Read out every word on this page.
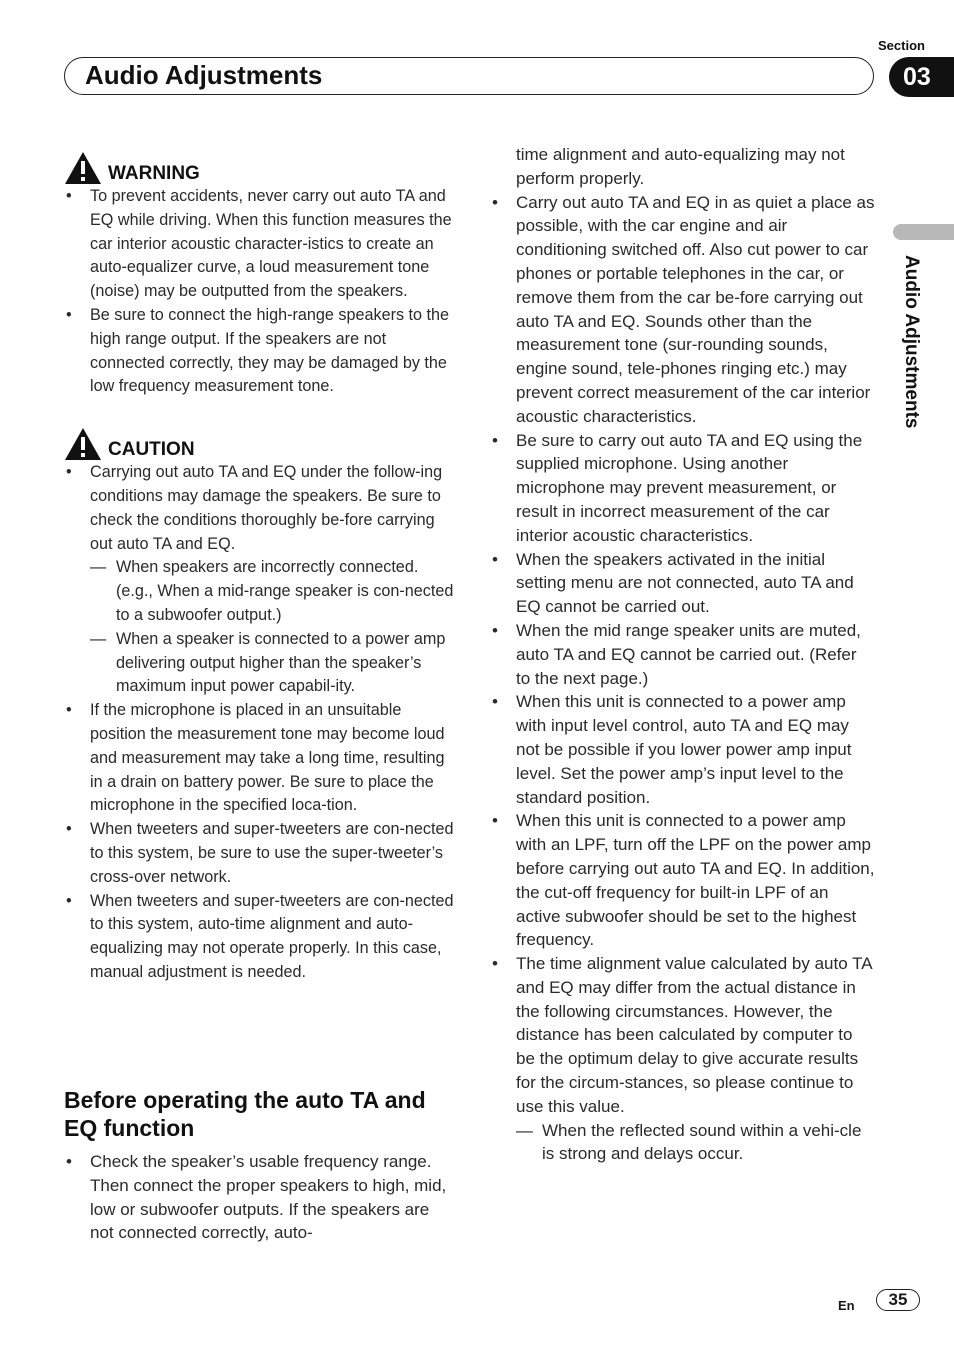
Section
Audio Adjustments	03
Audio Adjustments
WARNING
• To prevent accidents, never carry out auto TA and EQ while driving. When this function measures the car interior acoustic character-istics to create an auto-equalizer curve, a loud measurement tone (noise) may be outputted from the speakers.
• Be sure to connect the high-range speakers to the high range output. If the speakers are not connected correctly, they may be damaged by the low frequency measurement tone.
CAUTION
• Carrying out auto TA and EQ under the follow-ing conditions may damage the speakers. Be sure to check the conditions thoroughly be-fore carrying out auto TA and EQ.
— When speakers are incorrectly connected. (e.g., When a mid-range speaker is con-nected to a subwoofer output.)
— When a speaker is connected to a power amp delivering output higher than the speaker’s maximum input power capabil-ity.
• If the microphone is placed in an unsuitable position the measurement tone may become loud and measurement may take a long time, resulting in a drain on battery power. Be sure to place the microphone in the specified loca-tion.
• When tweeters and super-tweeters are con-nected to this system, be sure to use the super-tweeter’s cross-over network.
• When tweeters and super-tweeters are con-nected to this system, auto-time alignment and auto-equalizing may not operate properly. In this case, manual adjustment is needed.
Before operating the auto TA and EQ function
• Check the speaker’s usable frequency range. Then connect the proper speakers to high, mid, low or subwoofer outputs. If the speakers are not connected correctly, auto-
time alignment and auto-equalizing may not perform properly.
• Carry out auto TA and EQ in as quiet a place as possible, with the car engine and air conditioning switched off. Also cut power to car phones or portable telephones in the car, or remove them from the car be-fore carrying out auto TA and EQ. Sounds other than the measurement tone (sur-rounding sounds, engine sound, tele-phones ringing etc.) may prevent correct measurement of the car interior acoustic characteristics.
• Be sure to carry out auto TA and EQ using the supplied microphone. Using another microphone may prevent measurement, or result in incorrect measurement of the car interior acoustic characteristics.
• When the speakers activated in the initial setting menu are not connected, auto TA and EQ cannot be carried out.
• When the mid range speaker units are muted, auto TA and EQ cannot be carried out. (Refer to the next page.)
• When this unit is connected to a power amp with input level control, auto TA and EQ may not be possible if you lower power amp input level. Set the power amp’s input level to the standard position.
• When this unit is connected to a power amp with an LPF, turn off the LPF on the power amp before carrying out auto TA and EQ. In addition, the cut-off frequency for built-in LPF of an active subwoofer should be set to the highest frequency.
• The time alignment value calculated by auto TA and EQ may differ from the actual distance in the following circumstances. However, the distance has been calculated by computer to be the optimum delay to give accurate results for the circum-stances, so please continue to use this value.
— When the reflected sound within a vehi-cle is strong and delays occur.
En	35
